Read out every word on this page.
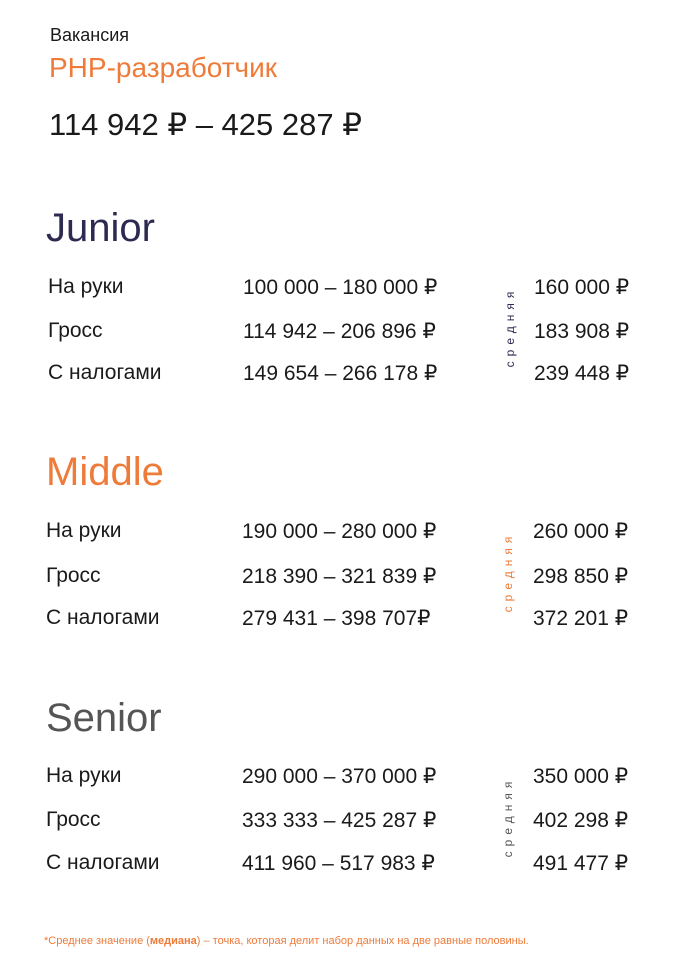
Вакансия
PHP-разработчик
114 942 ₽ – 425 287 ₽
Junior
На руки	100 000 – 180 000 ₽	160 000 ₽
Гросс	114 942 – 206 896 ₽	183 908 ₽
С налогами	149 654 – 266 178 ₽	239 448 ₽
средняя
Middle
На руки	190 000 – 280 000 ₽	260 000 ₽
Гросс	218 390 – 321 839 ₽	298 850 ₽
С налогами	279 431 – 398 707₽	372 201 ₽
средняя
Senior
На руки	290 000 – 370 000 ₽	350 000 ₽
Гросс	333 333 – 425 287 ₽	402 298 ₽
С налогами	411 960 – 517 983 ₽	491 477 ₽
средняя
*Среднее значение (медиана) – точка, которая делит набор данных на две равные половины.
